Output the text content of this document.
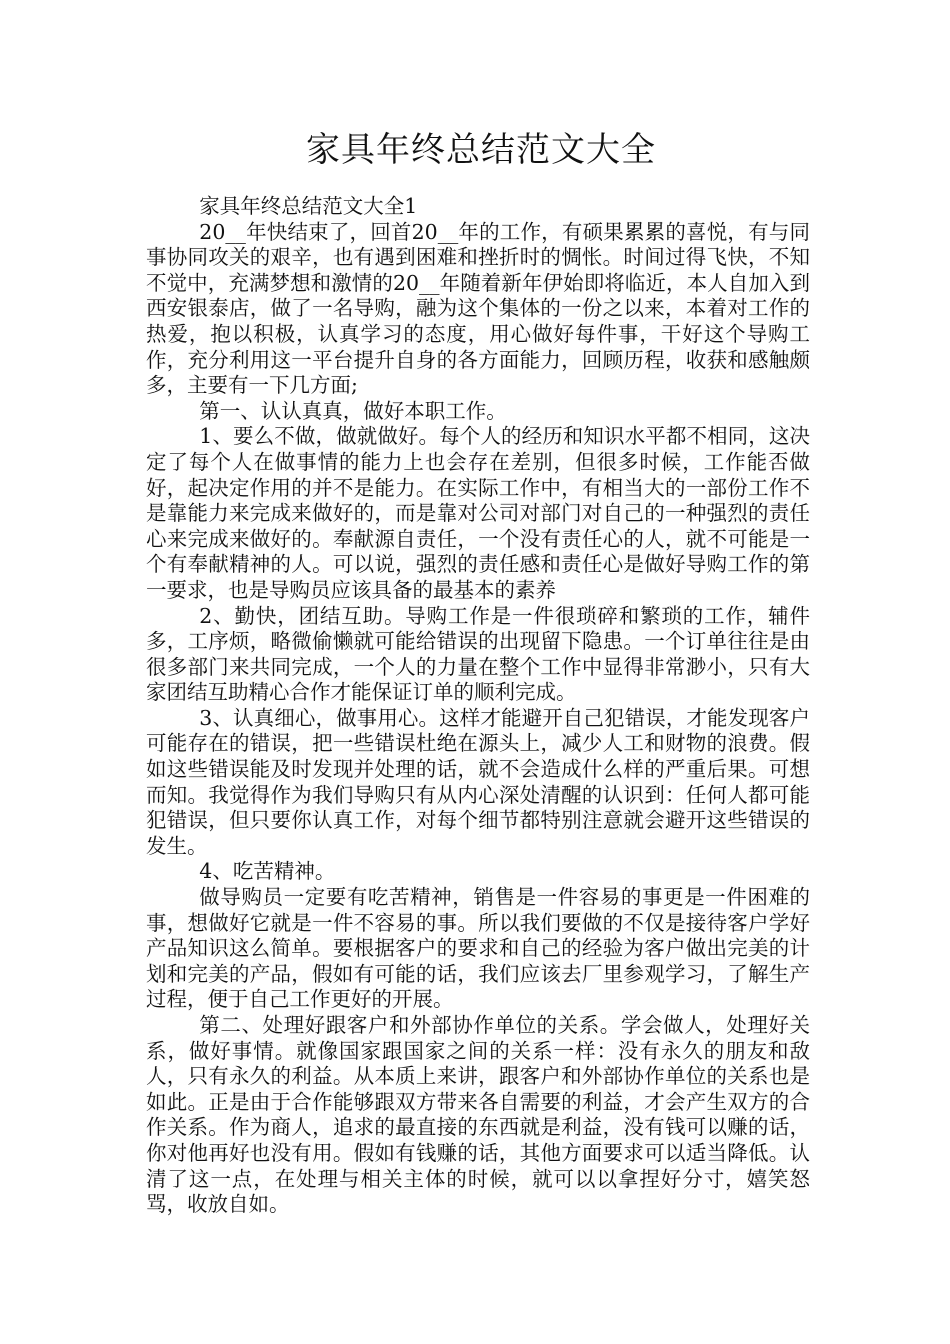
家具年终总结范文大全

家具年终总结范文大全1

20__年快结束了，回首20__年的工作，有硕果累累的喜悦，有与同事协同攻关的艰辛，也有遇到困难和挫折时的惆怅。时间过得飞快，不知不觉中，充满梦想和激情的20__年随着新年伊始即将临近，本人自加入到西安银泰店，做了一名导购，融为这个集体的一份之以来，本着对工作的热爱，抱以积极，认真学习的态度，用心做好每件事，干好这个导购工作，充分利用这一平台提升自身的各方面能力，回顾历程，收获和感触颇多，主要有一下几方面;

第一、认认真真，做好本职工作。

1、要么不做，做就做好。每个人的经历和知识水平都不相同，这决定了每个人在做事情的能力上也会存在差别，但很多时候，工作能否做好，起决定作用的并不是能力。在实际工作中，有相当大的一部份工作不是靠能力来完成来做好的，而是靠对公司对部门对自己的一种强烈的责任心来完成来做好的。奉献源自责任，一个没有责任心的人，就不可能是一个有奉献精神的人。可以说，强烈的责任感和责任心是做好导购工作的第一要求，也是导购员应该具备的最基本的素养

2、勤快，团结互助。导购工作是一件很琐碎和繁琐的工作，辅件多，工序烦，略微偷懒就可能给错误的出现留下隐患。一个订单往往是由很多部门来共同完成，一个人的力量在整个工作中显得非常渺小，只有大家团结互助精心合作才能保证订单的顺利完成。

3、认真细心，做事用心。这样才能避开自己犯错误，才能发现客户可能存在的错误，把一些错误杜绝在源头上，减少人工和财物的浪费。假如这些错误能及时发现并处理的话，就不会造成什么样的严重后果。可想而知。我觉得作为我们导购只有从内心深处清醒的认识到：任何人都可能犯错误，但只要你认真工作，对每个细节都特别注意就会避开这些错误的发生。

4、吃苦精神。

做导购员一定要有吃苦精神，销售是一件容易的事更是一件困难的事，想做好它就是一件不容易的事。所以我们要做的不仅是接待客户学好产品知识这么简单。要根据客户的要求和自己的经验为客户做出完美的计划和完美的产品，假如有可能的话，我们应该去厂里参观学习，了解生产过程，便于自己工作更好的开展。

第二、处理好跟客户和外部协作单位的关系。学会做人，处理好关系，做好事情。就像国家跟国家之间的关系一样：没有永久的朋友和敌人，只有永久的利益。从本质上来讲，跟客户和外部协作单位的关系也是如此。正是由于合作能够跟双方带来各自需要的利益，才会产生双方的合作关系。作为商人，追求的最直接的东西就是利益，没有钱可以赚的话，你对他再好也没有用。假如有钱赚的话，其他方面要求可以适当降低。认清了这一点，在处理与相关主体的时候，就可以以拿捏好分寸，嬉笑怒骂，收放自如。
